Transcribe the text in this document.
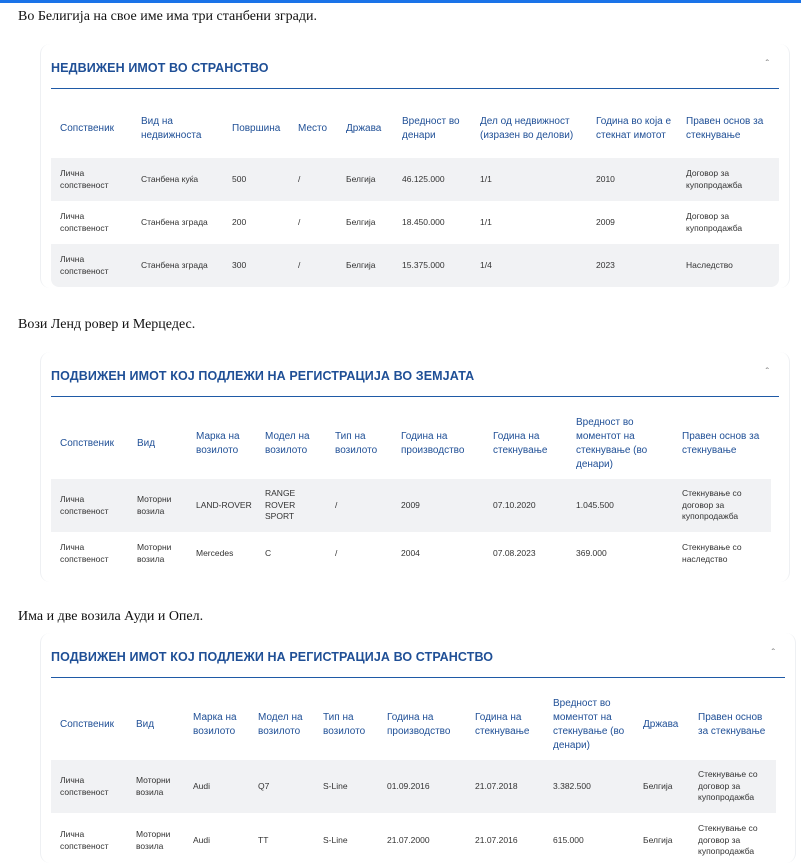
Во Белигија на свое име има три станбени згради.

НЕДВИЖЕН ИМОТ ВО СТРАНСТВО	ˆ
Сопственик	Вид на недвижноста	Површина	Место	Држава	Вредност во денари	Дел од недвижност (изразен во делови)	Година во која е стекнат имотот	Правен основ за стекнување
Лична сопственост	Станбена куќа	500	/	Белгија	46.125.000	1/1	2010	Договор за купопродажба
Лична сопственост	Станбена зграда	200	/	Белгија	18.450.000	1/1	2009	Договор за купопродажба
Лична сопственост	Станбена зграда	300	/	Белгија	15.375.000	1/4	2023	Наследство

Вози Ленд ровер и Мерцедес.

ПОДВИЖЕН ИМОТ КОЈ ПОДЛЕЖИ НА РЕГИСТРАЦИЈА ВО ЗЕМЈАТА	ˆ
Сопственик	Вид	Марка на возилото	Модел на возилото	Тип на возилото	Година на производство	Година на стекнување	Вредност во моментот на стекнување (во денари)	Правен основ за стекнување
Лична сопственост	Моторни возила	LAND-ROVER	RANGE ROVER SPORT	/	2009	07.10.2020	1.045.500	Стекнување со договор за купопродажба
Лична сопственост	Моторни возила	Mercedes	C	/	2004	07.08.2023	369.000	Стекнување со наследство

Има и две возила Ауди и Опел.

ПОДВИЖЕН ИМОТ КОЈ ПОДЛЕЖИ НА РЕГИСТРАЦИЈА ВО СТРАНСТВО	ˆ
Сопственик	Вид	Марка на возилото	Модел на возилото	Тип на возилото	Година на производство	Година на стекнување	Вредност во моментот на стекнување (во денари)	Држава	Правен основ за стекнување
Лична сопственост	Моторни возила	Audi	Q7	S-Line	01.09.2016	21.07.2018	3.382.500	Белгија	Стекнување со договор за купопродажба
Лична сопственост	Моторни возила	Audi	TT	S-Line	21.07.2000	21.07.2016	615.000	Белгија	Стекнување со договор за купопродажба
